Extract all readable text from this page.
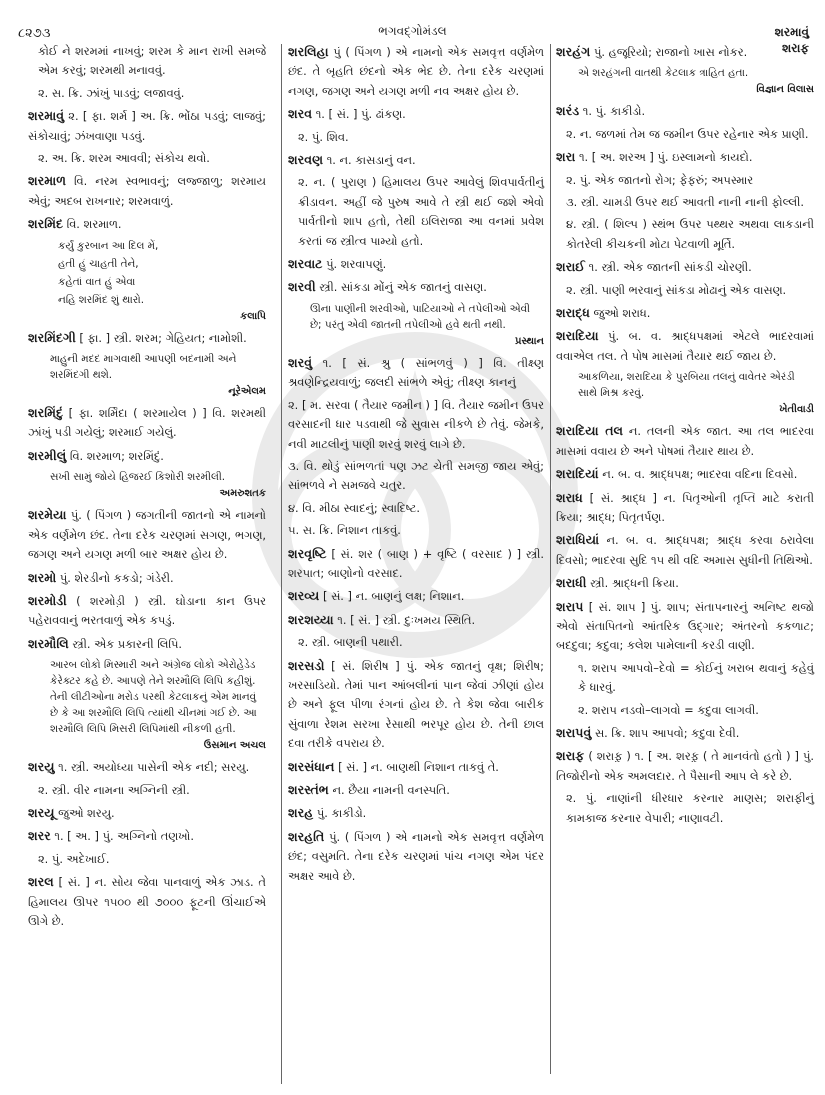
૮૨૭૩	ભગવદ્ગોમંડલ	શરમાવું
શરાફ
કોઈ ને શરમમાં નાખવું; શરમ કે માન રાખી સમજે એમ કરવું; શરમથી મનાવવું.
૨. સ. ક્રિ. ઝાંખું પાડવું; લજાવવું.
શરમાવું ૨. [ ફા. શર્મ ] અ. ક્રિ. ભોંઠા પડવું; લાજવું; સંકોચાવું; ઝંખવાણા પડવું.
૨. અ. ક્રિ. શરમ આવવી; સંકોચ થવો.
શરમાળ વિ. નરમ સ્વભાવનું; લજ્જાળુ; શરમાય એવું; અદબ રાખનાર; શરમવાળું.
શરમિંદ વિ. શરમાળ.
કર્યું કુરબાન આ દિલ મેં,
હતી હું ચાહતી તેને,
કહેતાં વાત હું એવા
નહિ શરમિંદ શું થારો.
કલાપિ
શરમિંદગી [ ફા. ] સ્ત્રી. શરમ; ગેહિયત; નામોશી.
માહુની મદદ માગવાથી આપણી બદનામી અને શરમિંદગી થશે.
નૂરેએલમ
શરમિંદું [ ફા. શર્મિંદા ( શરમાયેલ ) ] વિ. શરમથી ઝાંખું પડી ગયેલું; શરમાઈ ગયેલું.
શરમીલું વિ. શરમાળ; શરમિંદું.
સખી સામું જોયે હિજરઈ કિશોરી શરમીલી.
અમરુશતક
શરમેયા પું. ( પિંગળ ) જગતીની જાતનો એ નામનો એક વર્ણમેળ છંદ. તેના દરેક ચરણમાં સગણ, ભગણ, જગણ અને યગણ મળી બાર અક્ષર હોય છે.
શરમો પું. શેરડીનો કકડો; ગંડેરી.
શરમોડી ( શરમોડ઼ી ) સ્ત્રી. ઘોડાના કાન ઉપર પહેરાવવાનું ભરતવાળું એક કપડું.
શરમૌલિ સ્ત્રી. એક પ્રકારની લિપિ.
આરબ લોકો મિસ્મારી અને અંગ્રેજ લોકો એરોહેડેડ કેરેક્ટર કહે છે. આપણે તેને શરમૌલિ લિપિ કહીશું. તેની લીટીઓના મરોડ પરથી કેટલાકનું એમ માનવું છે કે આ શરમૌલિ લિપિ ત્યાંથી ચીનમાં ગઈ છે. આ શરમૌલિ લિપિ મિસરી લિપિમાંથી નીકળી હતી.
ઉસમાન અચલ
શરયુ ૧. સ્ત્રી. અયોધ્યા પાસેની એક નદી; સરયુ.
૨. સ્ત્રી. વીર નામના અગ્નિની સ્ત્રી.
શરયૂ જુઓ શરયુ.
શરર ૧. [ અ. ] પું. અગ્નિનો તણખો.
૨. પું. અદેખાઈ.
શરલ [ સં. ] ન. સોય જેવા પાનવાળું એક ઝાડ. તે હિમાલય ઊપર ૧૫૦૦ થી ૭૦૦૦ ફૂટની ઊંચાઈએ ઊગે છે.
શરલિહા પું ( પિંગળ ) એ નામનો એક સમવૃત્ત વર્ણમેળ છંદ. તે બૃહતિ છંદનો એક ભેદ છે. તેના દરેક ચરણમાં નગણ, જગણ અને યગણ મળી નવ અક્ષર હોય છે.
શરવ ૧. [ સં. ] પું. ઢાંકણ.
૨. પું. શિવ.
શરવણ ૧. ન. કાસડાનું વન.
૨. ન. ( પુરાણ ) હિમાલય ઉપર આવેલું શિવપાર્વતીનું ક્રીડાવન. અહીં જે પુરુષ આવે તે સ્ત્રી થઈ જશે એવો પાર્વતીનો શાપ હતો, તેથી ઇલિરાજા આ વનમાં પ્રવેશ કરતાં જ સ્ત્રીત્વ પામ્યો હતો.
શરવાટ પું. શરવાપણું.
શરવી સ્ત્રી. સાંકડા મોંનું એક જાતનું વાસણ.
ઊના પાણીની શરવીઓ, પાટિયાઓ ને તપેલીઓ એવી છે; પરંતુ એવી જાતની તપેલીઓ હવે થતી નથી.
પ્રસ્થાન
શરવું ૧. [ સં. શ્રુ ( સાંભળવું ) ] વિ. તીક્ષ્ણ શ્રવણેન્દ્રિયવાળું; જલદી સાંભળે એવું; તીક્ષ્ણ કાનનું
૨. [ મ. સરવા ( તૈયાર જમીન ) ] વિ. તૈયાર જમીન ઉપર વરસાદની ધાર પડવાથી જે સુવાસ નીકળે છે તેવું. જેમકે, નવી માટલીનું પાણી શરવું શરવું લાગે છે.
૩. વિ. થોડું સાંભળતાં પણ ઝટ ચેતી સમજી જાય એવું; સાંભળવે ને સમજવે ચતુર.
૪. વિ. મીઠા સ્વાદનું; સ્વાદિષ્ટ.
૫. સ. ક્રિ. નિશાન તાકવું.
શરવૃષ્ટિ [ સં. શર ( બાણ ) + વૃષ્ટિ ( વરસાદ ) ] સ્ત્રી. શરપાત; બાણોનો વરસાદ.
શરવ્ય [ સં. ] ન. બાણનું લક્ષ; નિશાન.
શરશય્યા ૧. [ સં. ] સ્ત્રી. દુઃખમય સ્થિતિ.
૨. સ્ત્રી. બાણની પથારી.
શરસડો [ સં. શિરીષ ] પું. એક જાતનું વૃક્ષ; શિરીષ; ખરસાડિયો. તેમાં પાન આંબલીનાં પાન જેવાં ઝીણાં હોય છે અને ફૂલ પીળા રંગનાં હોય છે. તે કેશ જેવા બારીક સુંવાળા રેશમ સરખા રેસાથી ભરપૂર હોય છે. તેની છાલ દવા તરીકે વપરાય છે.
શરસંધાન [ સં. ] ન. બાણથી નિશાન તાકવું તે.
શરસ્તંભ ન. છૈયા નામની વનસ્પતિ.
શરહ પું. કાકીડો.
શરહતિ પું. ( પિંગળ ) એ નામનો એક સમવૃત્ત વર્ણમેળ છંદ; વસુમતિ. તેના દરેક ચરણમાં પાંચ નગણ એમ પંદર અક્ષર આવે છે.
શરહંગ પું. હજૂરિયો; રાજાનો ખાસ નોકર.
એ શરહંગની વાતથી કેટલાક ત્રાહિત હતા.
વિજ્ઞાન વિલાસ
શરંડ ૧. પું. કાકીડો.
૨. ન. જળમાં તેમ જ જમીન ઉપર રહેનાર એક પ્રાણી.
શરા ૧. [ અ. શરઅ ] પું. ઇસ્લામનો કાયદો.
૨. પું. એક જાતનો રોગ; ફેફરું; અપસ્માર
૩. સ્ત્રી. ચામડી ઉપર થઈ આવતી નાની નાની ફોલ્લી.
૪. સ્ત્રી. ( શિલ્પ ) સ્થંભ ઉપર પથ્થર અથવા લાકડાની કોતરેલી કીચકની મોટા પેટવાળી મૂર્તિ.
શરાઈ ૧. સ્ત્રી. એક જાતની સાંકડી ચોરણી.
૨. સ્ત્રી. પાણી ભરવાનું સાંકડા મોઢાનું એક વાસણ.
શરાદ્ધ જુઓ શરાધ.
શરાદિયા પું. બ. વ. શ્રાદ્ધપક્ષમાં એટલે ભાદરવામાં વવાએલ તલ. તે પોષ માસમાં તૈયાર થઈ જાય છે.
આકળિયા, શરાદિયા કે પુરબિયા તલનું વાવેતર એરંડી સાથે મિશ્ર કરવું.
ખેતીવાડી
શરાદિયા તલ ન. તલની એક જાત. આ તલ ભાદરવા માસમાં વવાય છે અને પોષમાં તૈયાર થાય છે.
શરાદિયાં ન. બ. વ. શ્રાદ્ધપક્ષ; ભાદરવા વદિના દિવસો.
શરાધ [ સં. શ્રાદ્ધ ] ન. પિતૃઓની તૃપ્તિ માટે કરાતી ક્રિયા; શ્રાદ્ધ; પિતૃતર્પણ.
શરાધિયાં ન. બ. વ. શ્રાદ્ધપક્ષ; શ્રાદ્ધ કરવા ઠરાવેલા દિવસો; ભાદરવા સુદિ ૧૫ થી વદિ અમાસ સુધીની તિથિઓ.
શરાધી સ્ત્રી. શ્રાદ્ધની ક્રિયા.
શરાપ [ સં. શાપ ] પું. શાપ; સંતાપનારનું અનિષ્ટ થજો એવો સંતાપિતનો આંતરિક ઉદ્ગાર; અંતરનો કકળાટ; બદદુવા; કદુવા; કલેશ પામેલાની કરડી વાણી.
૧. શરાપ આપવો–દેવો = કોઈનું ખરાબ થવાનું કહેવું કે ધારવું.
૨. શરાપ નડવો–લાગવો = કદુવા લાગવી.
શરાપવું સ. ક્રિ. શાપ આપવો; કદુવા દેવી.
શરાફ ( શરાફ઼ ) ૧. [ અ. શરફ઼ ( તે માનવંતો હતો ) ] પું. તિજોરીનો એક અમલદાર. તે પૈસાની આપ લે કરે છે.
૨. પું. નાણાંની ધીરધાર કરનાર માણસ; શરાફીનું કામકાજ કરનાર વેપારી; નાણાવટી.
